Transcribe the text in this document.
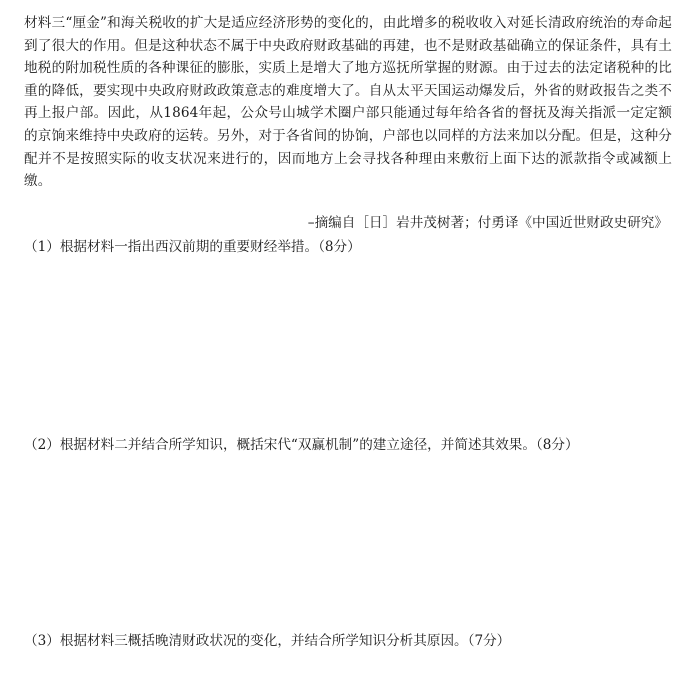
材料三“厘金”和海关税收的扩大是适应经济形势的变化的，由此增多的税收收入对延长清政府统治的寿命起到了很大的作用。但是这种状态不属于中央政府财政基础的再建，也不是财政基础确立的保证条件，具有土地税的附加税性质的各种课征的膨胀，实质上是增大了地方巡抚所掌握的财源。由于过去的法定诸税种的比重的降低，要实现中央政府财政政策意志的难度增大了。自从太平天国运动爆发后，外省的财政报告之类不再上报户部。因此，从1864年起，公众号山城学术圈户部只能通过每年给各省的督抚及海关指派一定定额的京饷来维持中央政府的运转。另外，对于各省间的协饷，户部也以同样的方法来加以分配。但是，这种分配并不是按照实际的收支状况来进行的，因而地方上会寻找各种理由来敷衍上面下达的派款指令或减额上缴。

–摘编自［日］岩井茂树著；付勇译《中国近世财政史研究》
（1）根据材料一指出西汉前期的重要财经举措。（8分）
（2）根据材料二并结合所学知识，概括宋代“双赢机制”的建立途径，并简述其效果。（8分）
（3）根据材料三概括晚清财政状况的变化，并结合所学知识分析其原因。（7分）
